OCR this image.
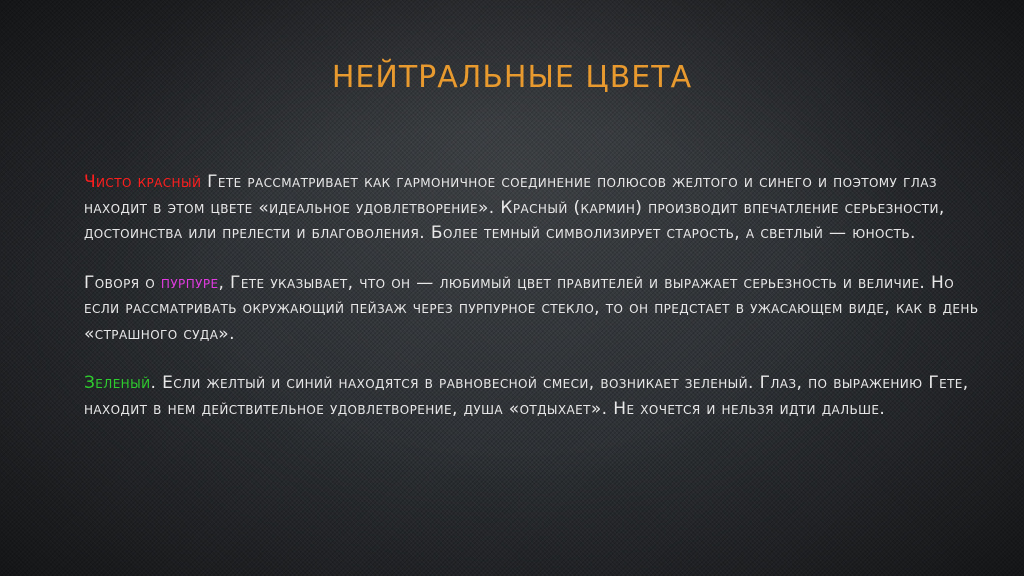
НЕЙТРАЛЬНЫЕ ЦВЕТА

Чисто красный Гете рассматривает как гармоничное соединение полюсов желтого и синего и поэтому глаз находит в этом цвете «идеальное удовлетворение». Красный (кармин) производит впечатление серьезности, достоинства или прелести и благоволения. Более темный символизирует старость, а светлый — юность.

Говоря о пурпуре, Гете указывает, что он — любимый цвет правителей и выражает серьезность и величие. Но если рассматривать окружающий пейзаж через пурпурное стекло, то он предстает в ужасающем виде, как в день «страшного суда».

Зеленый. Если желтый и синий находятся в равновесной смеси, возникает зеленый. Глаз, по выражению Гете, находит в нем действительное удовлетворение, душа «отдыхает». Не хочется и нельзя идти дальше.
